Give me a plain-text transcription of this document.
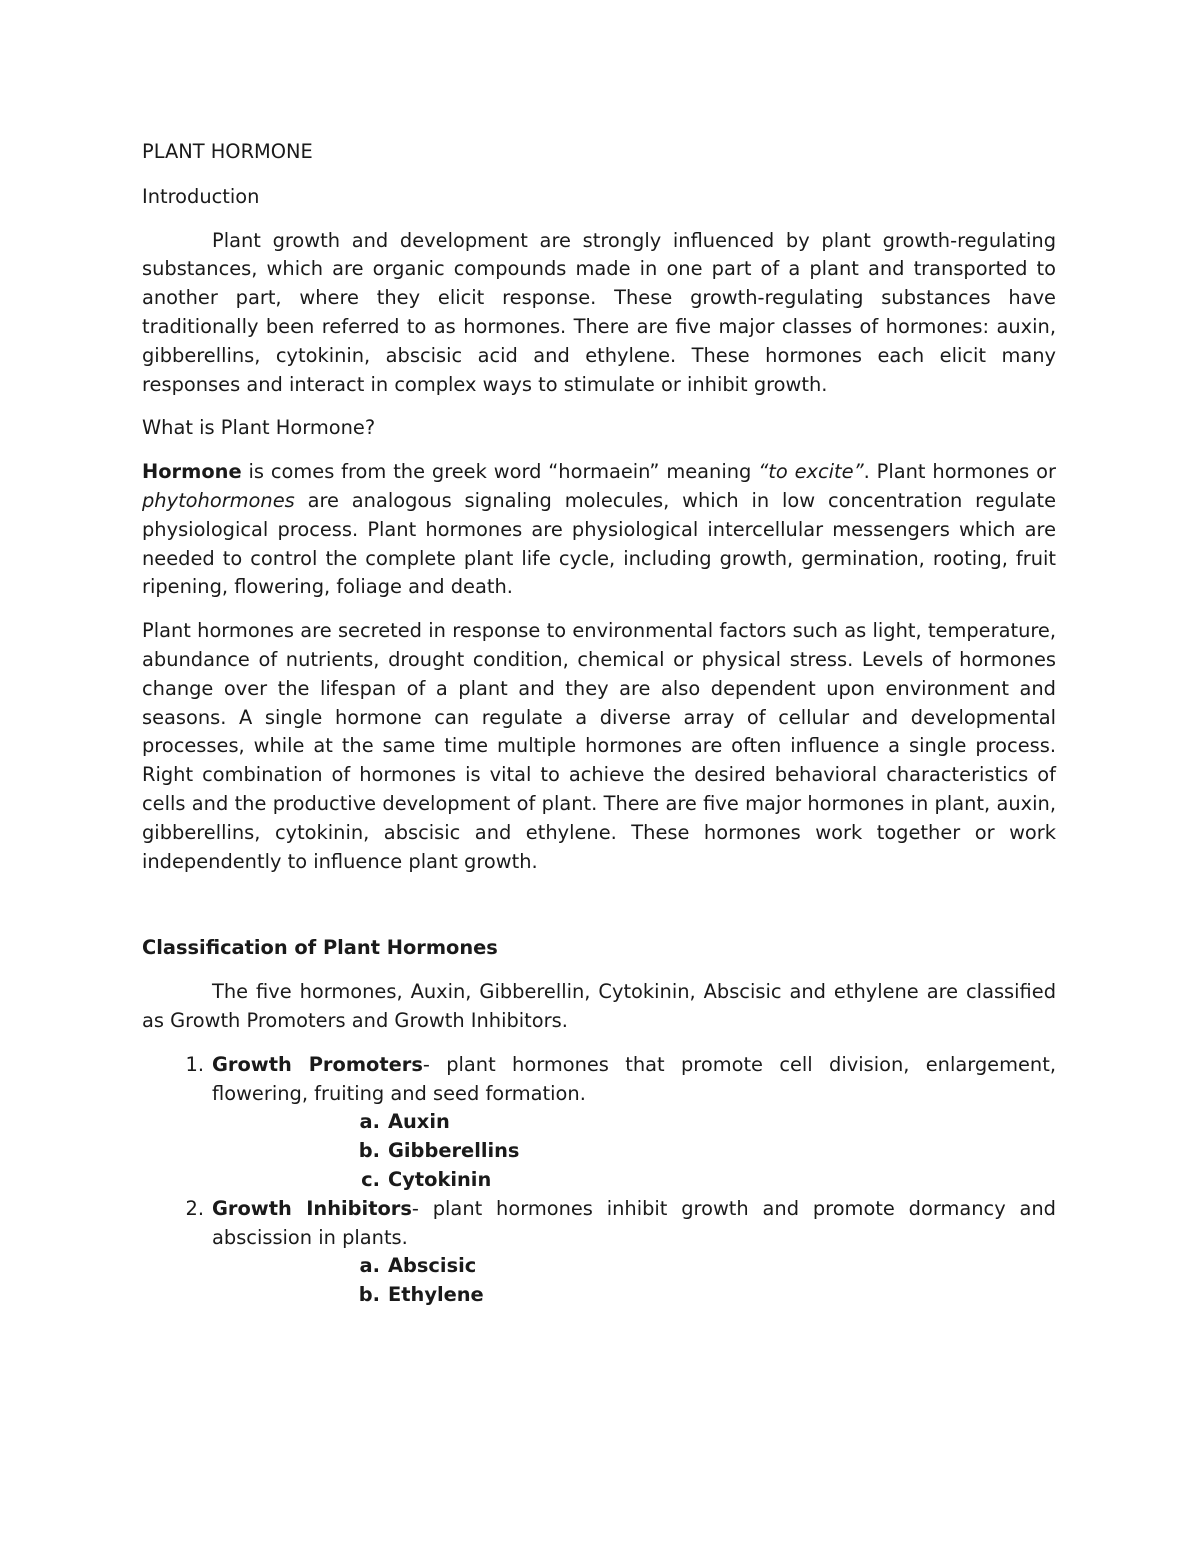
PLANT HORMONE

Introduction

Plant growth and development are strongly influenced by plant growth-regulating substances, which are organic compounds made in one part of a plant and transported to another part, where they elicit response. These growth-regulating substances have traditionally been referred to as hormones. There are five major classes of hormones: auxin, gibberellins, cytokinin, abscisic acid and ethylene. These hormones each elicit many responses and interact in complex ways to stimulate or inhibit growth.

What is Plant Hormone?

Hormone is comes from the greek word “hormaein” meaning “to excite”. Plant hormones or phytohormones are analogous signaling molecules, which in low concentration regulate physiological process. Plant hormones are physiological intercellular messengers which are needed to control the complete plant life cycle, including growth, germination, rooting, fruit ripening, flowering, foliage and death.

Plant hormones are secreted in response to environmental factors such as light, temperature, abundance of nutrients, drought condition, chemical or physical stress. Levels of hormones change over the lifespan of a plant and they are also dependent upon environment and seasons. A single hormone can regulate a diverse array of cellular and developmental processes, while at the same time multiple hormones are often influence a single process. Right combination of hormones is vital to achieve the desired behavioral characteristics of cells and the productive development of plant. There are five major hormones in plant, auxin, gibberellins, cytokinin, abscisic and ethylene. These hormones work together or work independently to influence plant growth.

Classification of Plant Hormones

The five hormones, Auxin, Gibberellin, Cytokinin, Abscisic and ethylene are classified as Growth Promoters and Growth Inhibitors.

1. Growth Promoters- plant hormones that promote cell division, enlargement, flowering, fruiting and seed formation.

a. Auxin
b. Gibberellins
c. Cytokinin
2. Growth Inhibitors- plant hormones inhibit growth and promote dormancy and abscission in plants.

a. Abscisic
b. Ethylene
